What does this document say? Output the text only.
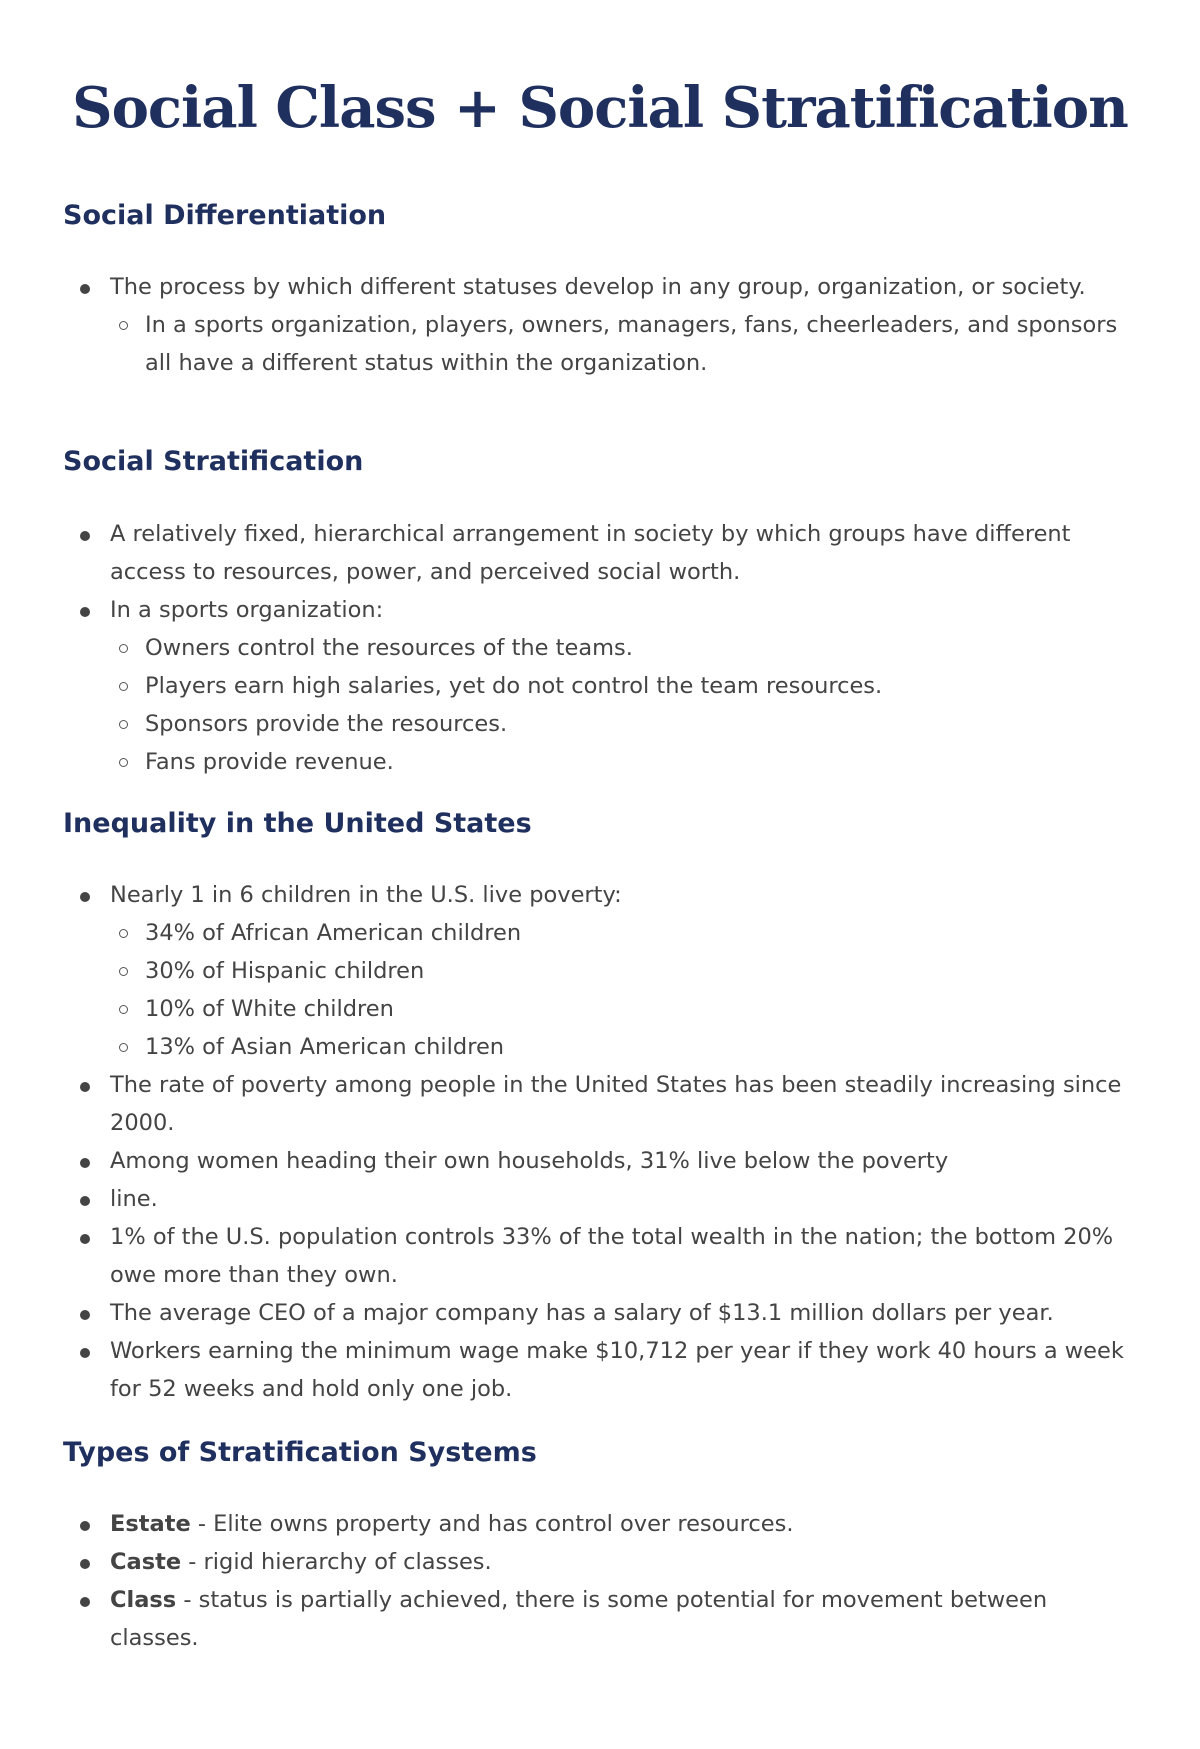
Social Class + Social Stratification
Social Differentiation
The process by which different statuses develop in any group, organization, or society.
In a sports organization, players, owners, managers, fans, cheerleaders, and sponsors all have a different status within the organization.
Social Stratification
A relatively fixed, hierarchical arrangement in society by which groups have different access to resources, power, and perceived social worth.
In a sports organization:
Owners control the resources of the teams.
Players earn high salaries, yet do not control the team resources.
Sponsors provide the resources.
Fans provide revenue.
Inequality in the United States
Nearly 1 in 6 children in the U.S. live poverty:
34% of African American children
30% of Hispanic children
10% of White children
13% of Asian American children
The rate of poverty among people in the United States has been steadily increasing since 2000.
Among women heading their own households, 31% live below the poverty
line.
1% of the U.S. population controls 33% of the total wealth in the nation; the bottom 20% owe more than they own.
The average CEO of a major company has a salary of $13.1 million dollars per year.
Workers earning the minimum wage make $10,712 per year if they work 40 hours a week for 52 weeks and hold only one job.
Types of Stratification Systems
Estate - Elite owns property and has control over resources.
Caste - rigid hierarchy of classes.
Class - status is partially achieved, there is some potential for movement between classes.
